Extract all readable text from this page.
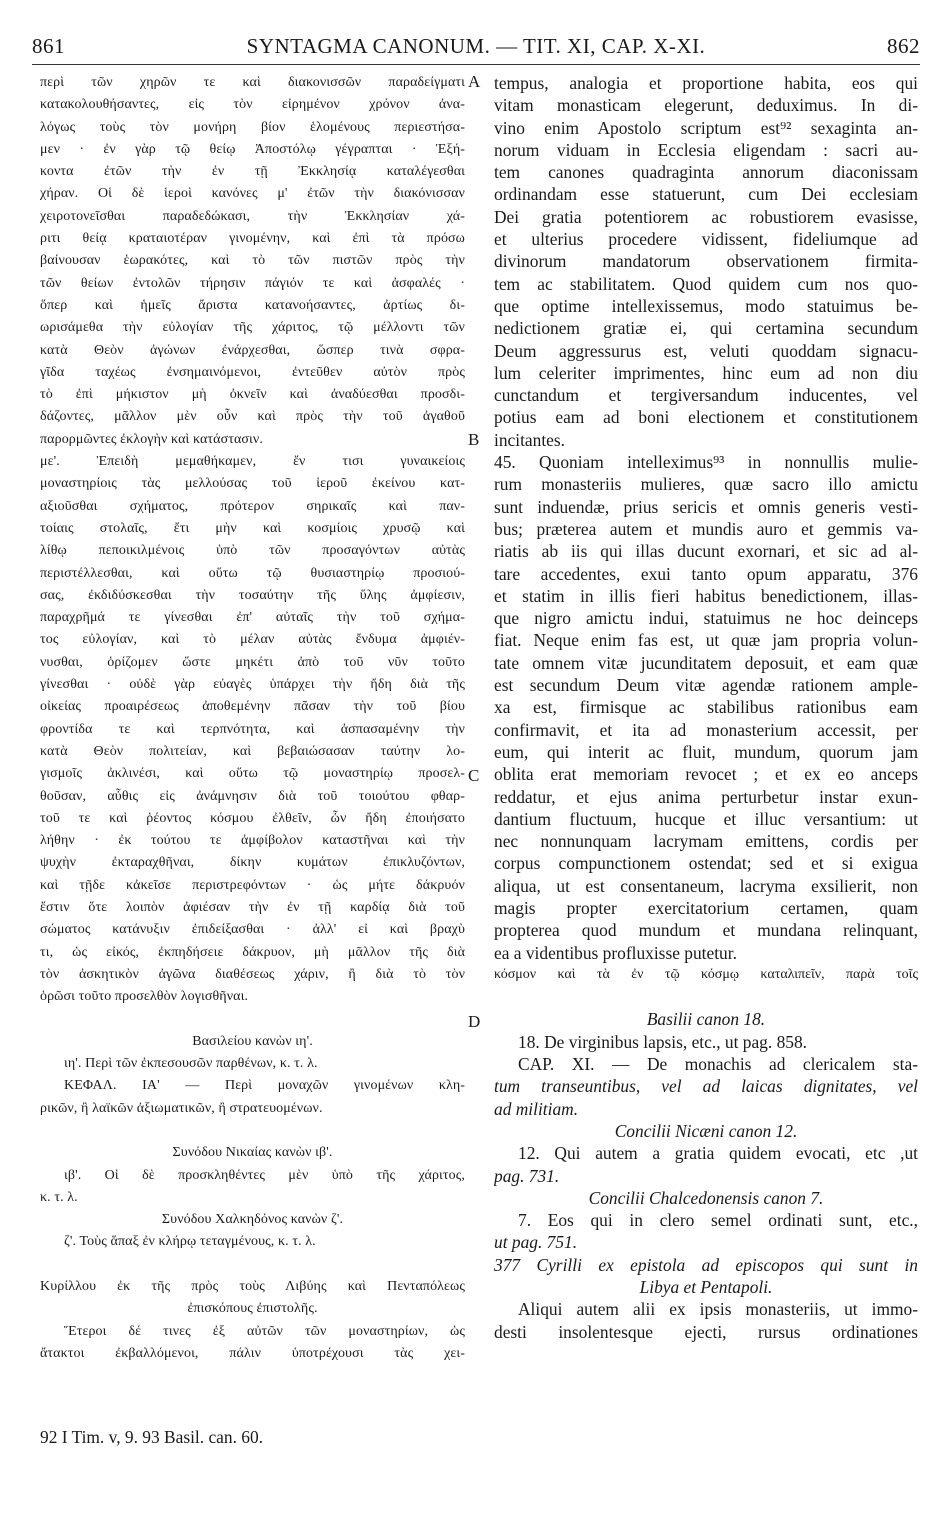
861	SYNTAGMA CANONUM. — TIT. XI, CAP. X-XI.	862
περὶ τῶν χηρῶν τε καὶ διακονισσῶν παραδείγματι
κατακολουθήσαντες, εἰς τὸν εἰρημένον χρόνον ἀνα-
λόγως τοὺς τὸν μονήρη βίον ἑλομένους περιεστήσα-
μεν · ἐν γὰρ τῷ θείῳ Ἀποστόλῳ γέγραπται · Ἑξή-
κοντα ἐτῶν τὴν ἐν τῇ Ἐκκλησίᾳ καταλέγεσθαι
χήραν. Οἱ δὲ ἱεροὶ κανόνες μ' ἐτῶν τὴν διακόνισσαν
χειροτονεῖσθαι παραδεδώκασι, τὴν Ἐκκλησίαν χά-
ριτι θείᾳ κραταιοτέραν γινομένην, καὶ ἐπὶ τὰ πρόσω
βαίνουσαν ἑωρακότες, καὶ τὸ τῶν πιστῶν πρὸς τὴν
τῶν θείων ἐντολῶν τήρησιν πάγιόν τε καὶ ἀσφαλές ·
ὅπερ καὶ ἡμεῖς ἄριστα κατανοήσαντες, ἀρτίως δι-
ωρισάμεθα τὴν εὐλογίαν τῆς χάριτος, τῷ μέλλοντι τῶν
κατὰ Θεὸν ἀγώνων ἐνάρχεσθαι, ὥσπερ τινὰ σφρα-
γῖδα ταχέως ἐνσημαινόμενοι, ἐντεῦθεν αὐτὸν πρὸς
τὸ ἐπὶ μήκιστον μὴ ὀκνεῖν καὶ ἀναδύεσθαι προσδι-
δάζοντες, μᾶλλον μὲν οὖν καὶ πρὸς τὴν τοῦ ἀγαθοῦ
παρορμῶντες ἐκλογὴν καὶ κατάστασιν.
με'. Ἐπειδὴ μεμαθήκαμεν, ἔν τισι γυναικείοις
μοναστηρίοις τὰς μελλούσας τοῦ ἱεροῦ ἐκείνου κατ-
αξιοῦσθαι σχήματος, πρότερον σηρικαῖς καὶ παν-
τοίαις στολαῖς, ἔτι μὴν καὶ κοσμίοις χρυσῷ καὶ
λίθῳ πεποικιλμένοις ὑπὸ τῶν προσαγόντων αὐτὰς
περιστέλλεσθαι, καὶ οὕτω τῷ θυσιαστηρίῳ προσιού-
σας, ἐκδιδύσκεσθαι τὴν τοσαύτην τῆς ὕλης ἀμφίεσιν,
παραχρῆμά τε γίνεσθαι ἐπ' αὐταῖς τὴν τοῦ σχήμα-
τος εὐλογίαν, καὶ τὸ μέλαν αὐτὰς ἔνδυμα ἀμφιέν-
νυσθαι, ὁρίζομεν ὥστε μηκέτι ἀπὸ τοῦ νῦν τοῦτο
γίνεσθαι · οὐδὲ γὰρ εὐαγὲς ὑπάρχει τὴν ἤδη διὰ τῆς
οἰκείας προαιρέσεως ἀποθεμένην πᾶσαν τὴν τοῦ βίου
φροντίδα τε καὶ τερπνότητα, καὶ ἀσπασαμένην τὴν
κατὰ Θεὸν πολιτείαν, καὶ βεβαιώσασαν ταύτην λο-
γισμοῖς ἀκλινέσι, καὶ οὕτω τῷ μοναστηρίῳ προσελ-
θοῦσαν, αὖθις εἰς ἀνάμνησιν διὰ τοῦ τοιούτου φθαρ-
τοῦ τε καὶ ῥέοντος κόσμου ἐλθεῖν, ὧν ἤδη ἐποιήσατο
λήθην · ἐκ τούτου τε ἀμφίβολον καταστῆναι καὶ τὴν
ψυχὴν ἐκταραχθῆναι, δίκην κυμάτων ἐπικλυζόντων,
καὶ τῇδε κἀκεῖσε περιστρεφόντων · ὡς μήτε δάκρυόν
ἔστιν ὅτε λοιπὸν ἀφιέσαν τὴν ἐν τῇ καρδίᾳ διὰ τοῦ
σώματος κατάνυξιν ἐπιδείξασθαι · ἀλλ' εἰ καὶ βραχὺ
τι, ὡς εἰκός, ἐκπηδήσειε δάκρυον, μὴ μᾶλλον τῆς διὰ
τὸν ἀσκητικὸν ἀγῶνα διαθέσεως χάριν, ἢ διὰ τὸ τὸν
ὁρῶσι τοῦτο προσελθὸν λογισθῆναι.
Βασιλείου κανὼν ιη'.
ιη'. Περὶ τῶν ἐκπεσουσῶν παρθένων, κ. τ. λ.
ΚΕΦΑΛ. ΙΑ' — Περὶ μοναχῶν γινομένων κλη-
ρικῶν, ἢ λαϊκῶν ἀξιωματικῶν, ἢ στρατευομένων.
Συνόδου Νικαίας κανὼν ιβ'.
ιβ'. Οἱ δὲ προσκληθέντες μὲν ὑπὸ τῆς χάριτος,
κ. τ. λ.
Συνόδου Χαλκηδόνος κανὼν ζ'.
ζ'. Τοὺς ἅπαξ ἐν κλήρῳ τεταγμένους, κ. τ. λ.
Κυρίλλου ἐκ τῆς πρὸς τοὺς Λιβύης καὶ Πενταπόλεως
ἐπισκόπους ἐπιστολῆς.
Ἕτεροι δέ τινες ἐξ αὐτῶν τῶν μοναστηρίων, ὡς
ἄτακτοι ἐκβαλλόμενοι, πάλιν ὑποτρέχουσι τὰς χει-
tempus, analogia et proportione habita, eos qui
vitam monasticam elegerunt, deduximus. In di-
vino enim Apostolo scriptum est⁹² sexaginta an-
norum viduam in Ecclesia eligendam : sacri au-
tem canones quadraginta annorum diaconissam
ordinandam esse statuerunt, cum Dei ecclesiam
Dei gratia potentiorem ac robustiorem evasisse,
et ulterius procedere vidissent, fideliumque ad
divinorum mandatorum observationem firmita-
tem ac stabilitatem. Quod quidem cum nos quo-
que optime intellexissemus, modo statuimus be-
nedictionem gratiæ ei, qui certamina secundum
Deum aggressurus est, veluti quoddam signacu-
lum celeriter imprimentes, hinc eum ad non diu
cunctandum et tergiversandum inducentes, vel
potius eam ad boni electionem et constitutionem
incitantes.
45. Quoniam intelleximus⁹³ in nonnullis mulie-
rum monasteriis mulieres, quæ sacro illo amictu
sunt induendæ, prius sericis et omnis generis vesti-
bus; præterea autem et mundis auro et gemmis va-
riatis ab iis qui illas ducunt exornari, et sic ad al-
tare accedentes, exui tanto opum apparatu, 376
et statim in illis fieri habitus benedictionem, illas-
que nigro amictu indui, statuimus ne hoc deinceps
fiat. Neque enim fas est, ut quæ jam propria volun-
tate omnem vitæ jucunditatem deposuit, et eam quæ
est secundum Deum vitæ agendæ rationem ample-
xa est, firmisque ac stabilibus rationibus eam
confirmavit, et ita ad monasterium accessit, per
eum, qui interit ac fluit, mundum, quorum jam
oblita erat memoriam revocet ; et ex eo anceps
reddatur, et ejus anima perturbetur instar exun-
dantium fluctuum, hucque et illuc versantium: ut
nec nonnunquam lacrymam emittens, cordis per
corpus compunctionem ostendat; sed et si exigua
aliqua, ut est consentaneum, lacryma exsilierit, non
magis propter exercitatorium certamen, quam
propterea quod mundum et mundana relinquant,
ea a videntibus profluxisse putetur.
κόσμον καὶ τὰ ἐν τῷ κόσμῳ καταλιπεῖν, παρὰ τοῖς
Basilii canon 18.
18. De virginibus lapsis, etc., ut pag. 858.
CAP. XI. — De monachis ad clericalem sta-
tum transeuntibus, vel ad laicas dignitates, vel
ad militiam.
Concilii Nicæni canon 12.
12. Qui autem a gratia quidem evocati, etc ,ut
pag. 731.
Concilii Chalcedonensis canon 7.
7. Eos qui in clero semel ordinati sunt, etc.,
ut pag. 751.
377 Cyrilli ex epistola ad episcopos qui sunt in
Libya et Pentapoli.
Aliqui autem alii ex ipsis monasteriis, ut immo-
desti insolentesque ejecti, rursus ordinationes
A
B
C
D
92 I Tim. v, 9. 93 Basil. can. 60.
